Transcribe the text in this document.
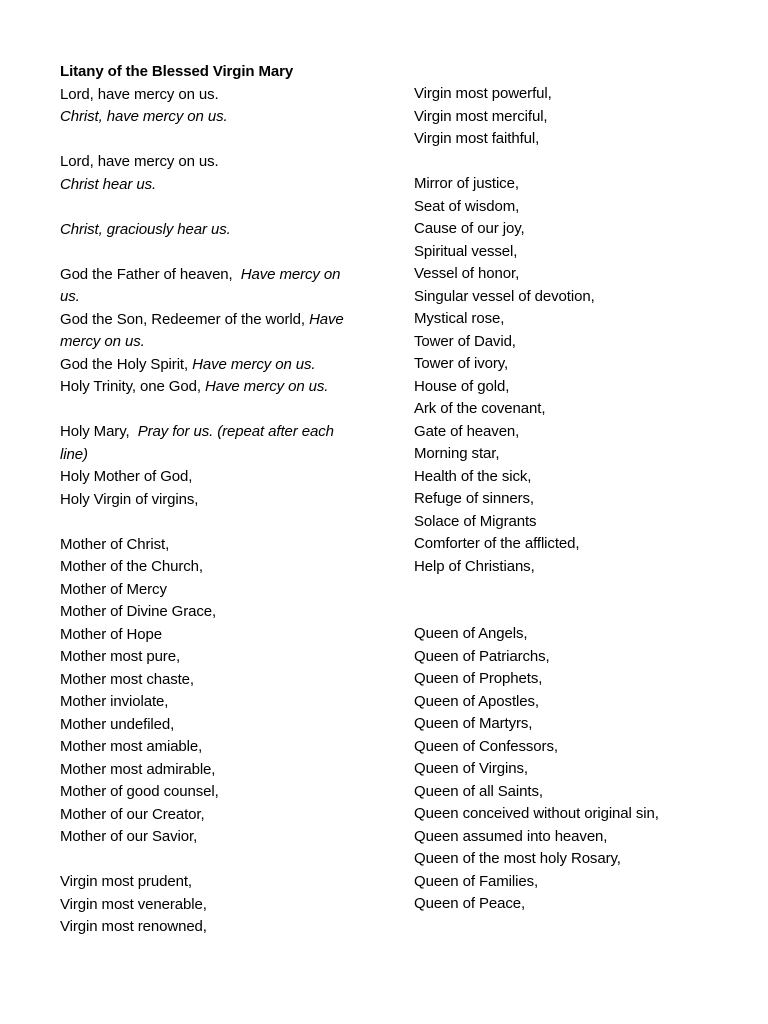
Litany of the Blessed Virgin Mary
Lord, have mercy on us.
Christ, have mercy on us.
Lord, have mercy on us.
Christ hear us.
Christ, graciously hear us.
God the Father of heaven, Have mercy on us.
God the Son, Redeemer of the world, Have mercy on us.
God the Holy Spirit, Have mercy on us.
Holy Trinity, one God, Have mercy on us.
Holy Mary, Pray for us. (repeat after each line)
Holy Mother of God,
Holy Virgin of virgins,
Mother of Christ,
Mother of the Church,
Mother of Mercy
Mother of Divine Grace,
Mother of Hope
Mother most pure,
Mother most chaste,
Mother inviolate,
Mother undefiled,
Mother most amiable,
Mother most admirable,
Mother of good counsel,
Mother of our Creator,
Mother of our Savior,
Virgin most prudent,
Virgin most venerable,
Virgin most renowned,
Virgin most powerful,
Virgin most merciful,
Virgin most faithful,
Mirror of justice,
Seat of wisdom,
Cause of our joy,
Spiritual vessel,
Vessel of honor,
Singular vessel of devotion,
Mystical rose,
Tower of David,
Tower of ivory,
House of gold,
Ark of the covenant,
Gate of heaven,
Morning star,
Health of the sick,
Refuge of sinners,
Solace of Migrants
Comforter of the afflicted,
Help of Christians,
Queen of Angels,
Queen of Patriarchs,
Queen of Prophets,
Queen of Apostles,
Queen of Martyrs,
Queen of Confessors,
Queen of Virgins,
Queen of all Saints,
Queen conceived without original sin,
Queen assumed into heaven,
Queen of the most holy Rosary,
Queen of Families,
Queen of Peace,
